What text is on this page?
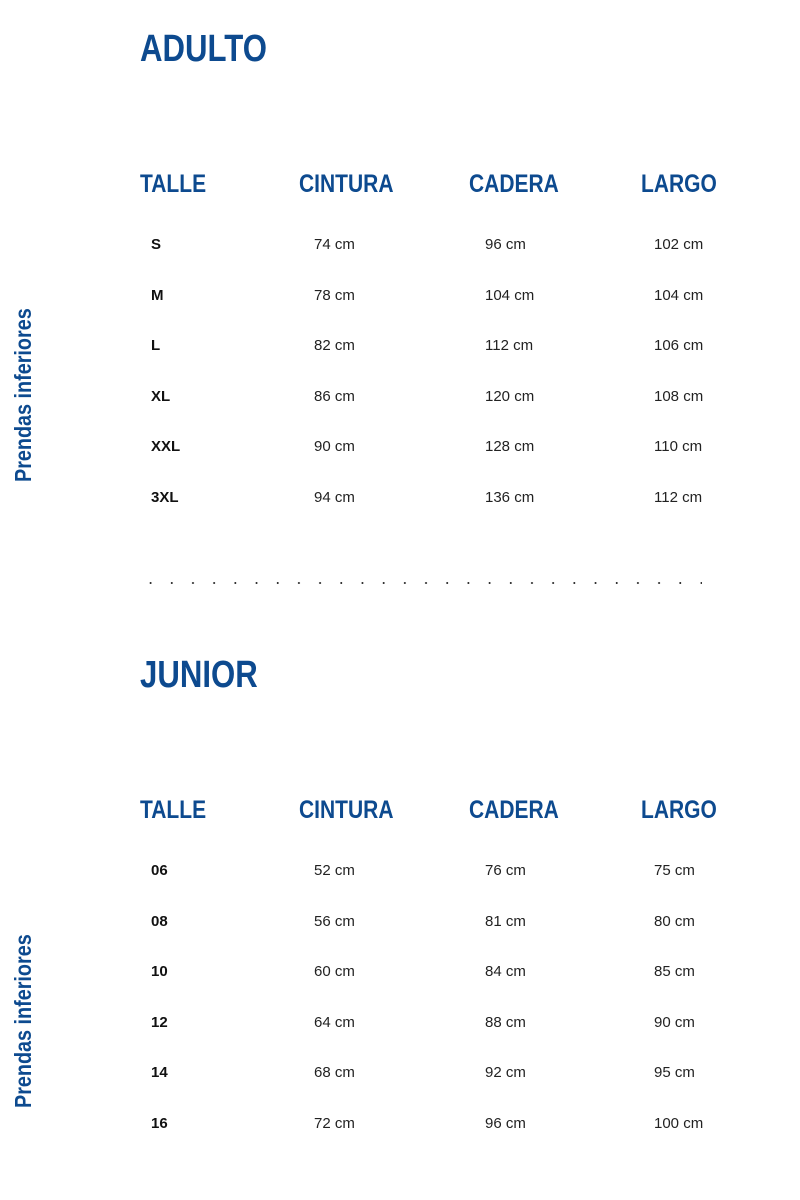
ADULTO
Prendas inferiores
TALLE	CINTURA	CADERA	LARGO
S	74 cm	96 cm	102 cm
M	78 cm	104 cm	104 cm
L	82 cm	112 cm	106 cm
XL	86 cm	120 cm	108 cm
XXL	90 cm	128 cm	110 cm
3XL	94 cm	136 cm	112 cm
JUNIOR
Prendas inferiores
TALLE	CINTURA	CADERA	LARGO
06	52 cm	76 cm	75 cm
08	56 cm	81 cm	80 cm
10	60 cm	84 cm	85 cm
12	64 cm	88 cm	90 cm
14	68 cm	92 cm	95 cm
16	72 cm	96 cm	100 cm
